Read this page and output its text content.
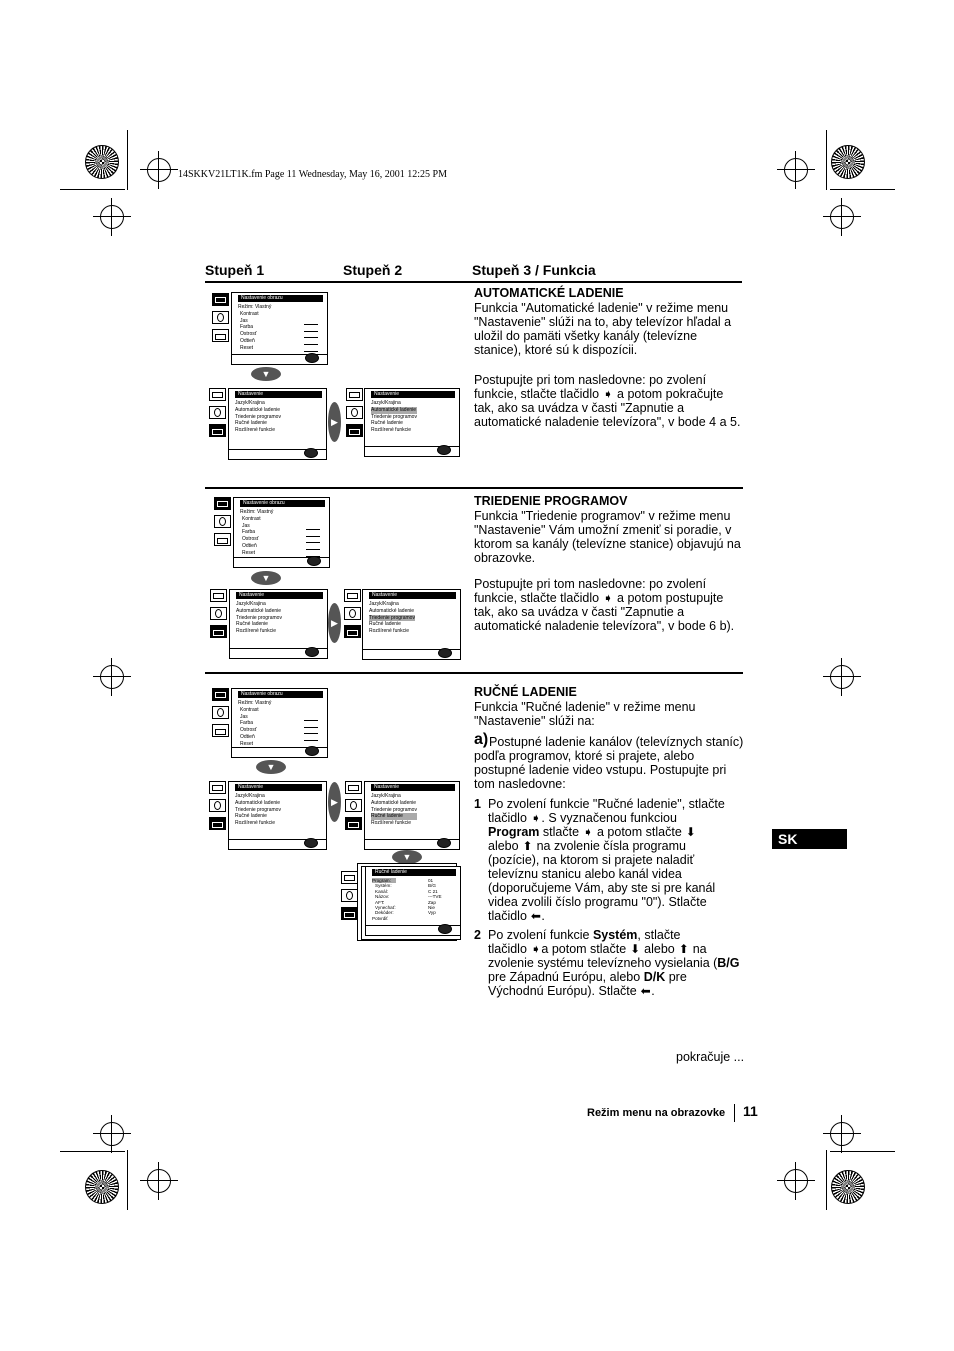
14SKKV21LT1K.fm Page 11 Wednesday, May 16, 2001 12:25 PM
Stupeň 1	Stupeň 2	Stupeň 3 / Funkcia
Nastavenie obrazu
Režim: Vlastný
Kontrast
Jas
Farba
Ostrosť
Odtieň
Reset
▼
Nastavenie
Jazyk/Krajina
Automatické ladenie
Triedenie programov
Ručné ladenie
Rozšírené funkcie
▶
Nastavenie
Jazyk/Krajina
Automatické ladenie
Triedenie programov
Ručné ladenie
Rozšírené funkcie
AUTOMATICKÉ LADENIE
Funkcia "Automatické ladenie" v režime menu "Nastavenie" slúži na to, aby televízor hľadal a uložil do pamäti všetky kanály (televízne stanice), ktoré sú k dispozícii.
Postupujte pri tom nasledovne: po zvolení funkcie, stlačte tlačidlo ➧ a potom pokračujte tak, ako sa uvádza v časti "Zapnutie a automatické naladenie televízora", v bode 4 a 5.
Nastavenie obrazu
Režim: Vlastný
Kontrast
Jas
Farba
Ostrosť
Odtieň
Reset
▼
Nastavenie
Jazyk/Krajina
Automatické ladenie
Triedenie programov
Ručné ladenie
Rozšírené funkcie
▶
Nastavenie
Jazyk/Krajina
Automatické ladenie
Triedenie programov
Ručné ladenie
Rozšírené funkcie
TRIEDENIE PROGRAMOV
Funkcia "Triedenie programov" v režime menu "Nastavenie" Vám umožní zmeniť si poradie, v ktorom sa kanály (televízne stanice) objavujú na obrazovke.
Postupujte pri tom nasledovne: po zvolení funkcie, stlačte tlačidlo ➧ a potom postupujte tak, ako sa uvádza v časti "Zapnutie a automatické naladenie televízora", v bode 6 b).
Nastavenie obrazu
Režim: Vlastný
Kontrast
Jas
Farba
Ostrosť
Odtieň
Reset
▼
Nastavenie
Jazyk/Krajina
Automatické ladenie
Triedenie programov
Ručné ladenie
Rozšírené funkcie
▶
Nastavenie
Jazyk/Krajina
Automatické ladenie
Triedenie programov
Ručné ladenie
Rozšírené funkcie
▼
Ručné ladenie
Program:
Systém:
Kanál:
Názov:
AFT:
Vynechať:
Dekóder:
Potvrdiť
01
B/G
C 21
---TVE
Zap
Nie
Vyp
RUČNÉ LADENIE
Funkcia "Ručné ladenie" v režime menu "Nastavenie" slúži na:
a) Postupné ladenie kanálov (televíznych staníc) podľa programov, ktoré si prajete, alebo postupné ladenie video vstupu. Postupujte pri tom nasledovne:
1 Po zvolení funkcie "Ručné ladenie", stlačte
tlačidlo ➧. S vyznačenou funkciou
Program stlačte ➧ a potom stlačte ⬇
alebo ⬆ na zvolenie čísla programu
(pozície), na ktorom si prajete naladiť televíznu stanicu alebo kanál videa (doporučujeme Vám, aby ste si pre kanál videa zvolili číslo programu "0"). Stlačte
tlačidlo ⬅.
2 Po zvolení funkcie Systém, stlačte
tlačidlo ➧a potom stlačte ⬇ alebo ⬆ na
zvolenie systému televízneho vysielania (B/G
pre Západnú Európu, alebo D/K pre
Východnú Európu). Stlačte ⬅.
SK
pokračuje ...
Režim menu na obrazovke 11
